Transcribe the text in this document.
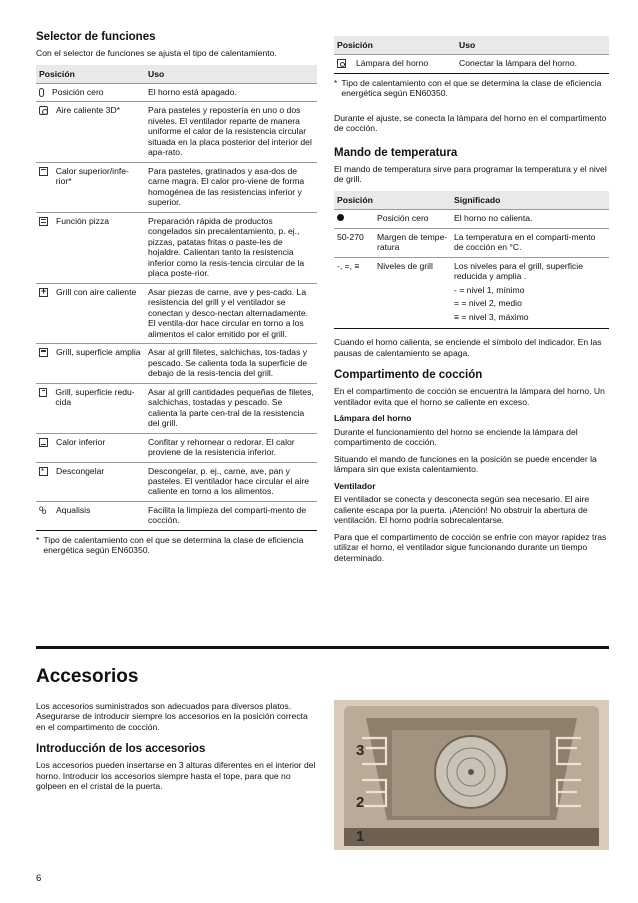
Selector de funciones

Con el selector de funciones se ajusta el tipo de calentamiento.

Posición	Uso

Posición cero	El horno está apagado.

Aire caliente 3D*	Para pasteles y repostería en uno o dos niveles. El ventilador reparte de manera uniforme el calor de la resistencia circular situada en la placa posterior del interior del apa-rato.

Calor superior/infe-rior*	Para pasteles, gratinados y asa-dos de carne magra. El calor pro-viene de forma homogénea de las resistencias inferior y superior.

Función pizza	Preparación rápida de productos congelados sin precalentamiento, p. ej., pizzas, patatas fritas o paste-les de hojaldre. Calientan tanto la resistencia inferior como la resis-tencia circular de la placa poste-rior.

+
Grill con aire caliente	Asar piezas de carne, ave y pes-cado. La resistencia del grill y el ventilador se conectan y desco-nectan alternadamente. El ventila-dor hace circular en torno a los alimentos el calor emitido por el grill.

Grill, superficie amplia	Asar al grill filetes, salchichas, tos-tadas y pescado. Se calienta toda la superficie de debajo de la resis-tencia del grill.

Grill, superficie redu-cida	Asar al grill cantidades pequeñas de filetes, salchichas, tostadas y pescado. Se calienta la parte cen-tral de la resistencia del grill.

Calor inferior	Confitar y rehornear o redorar. El calor proviene de la resistencia inferior.

*
Descongelar	Descongelar, p. ej., carne, ave, pan y pasteles. El ventilador hace circular el aire caliente en torno a los alimentos.

o o
Aqualisis	Facilita la limpieza del comparti-mento de cocción.
* Tipo de calentamiento con el que se determina la clase de eficiencia energética según EN60350.
Posición	Uso

Lámpara del horno	Conectar la lámpara del horno.
* Tipo de calentamiento con el que se determina la clase de eficiencia energética según EN60350.

Durante el ajuste, se conecta la lámpara del horno en el compartimento de cocción.

Mando de temperatura

El mando de temperatura sirve para programar la temperatura y el nivel de grill.

Posición		Significado
	Posición cero	El horno no calienta.
50-270	Margen de tempe-ratura	La temperatura en el comparti-mento de cocción en °C.
-, =, ≡	Niveles de grill	Los niveles para el grill, superficie reducida y amplia .
- = nivel 1, mínimo
= = nivel 2, medio
≡ = nivel 3, máximo

Cuando el horno calienta, se enciende el símbolo del indicador. En las pausas de calentamiento se apaga.

Compartimento de cocción

En el compartimento de cocción se encuentra la lámpara del horno. Un ventilador evita que el horno se caliente en exceso.

Lámpara del horno

Durante el funcionamiento del horno se enciende la lámpara del compartimento de cocción.

Situando el mando de funciones en la posición se puede encender la lámpara sin que exista calentamiento.

Ventilador

El ventilador se conecta y desconecta según sea necesario. El aire caliente escapa por la puerta. ¡Atención! No obstruir la abertura de ventilación. El horno podría sobrecalentarse.

Para que el compartimento de cocción se enfríe con mayor rapidez tras utilizar el horno, el ventilador sigue funcionando durante un tiempo determinado.

Accesorios

Los accesorios suministrados son adecuados para diversos platos. Asegurarse de introducir siempre los accesorios en la posición correcta en el compartimento de cocción.

Introducción de los accesorios

Los accesorios pueden insertarse en 3 alturas diferentes en el interior del horno. Introducir los accesorios siempre hasta el tope, para que no golpeen en el cristal de la puerta.

3
2
1
6
